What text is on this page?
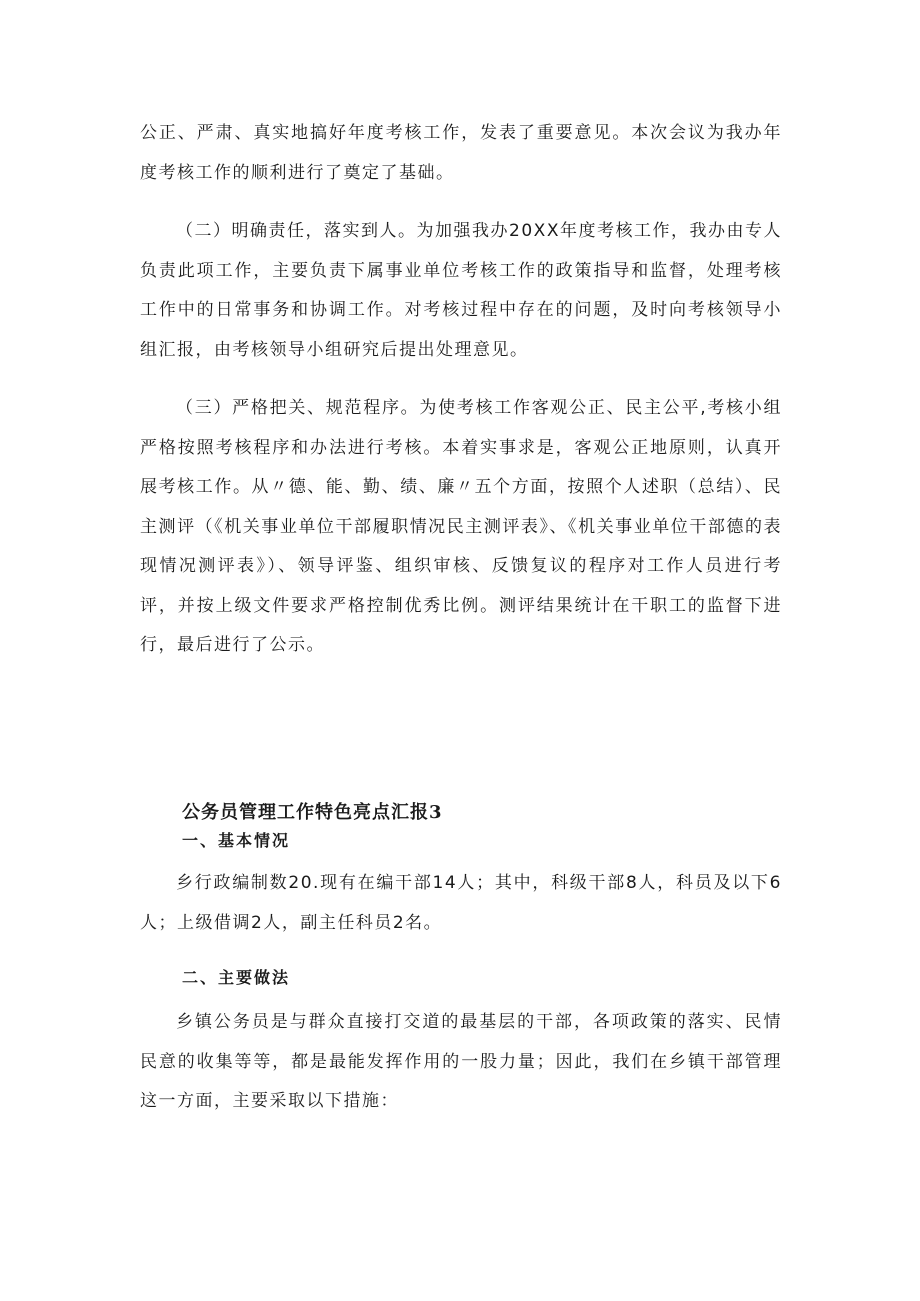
公正、严肃、真实地搞好年度考核工作，发表了重要意见。本次会议为我办年度考核工作的顺利进行了奠定了基础。

（二）明确责任，落实到人。为加强我办20XX年度考核工作，我办由专人负责此项工作，主要负责下属事业单位考核工作的政策指导和监督，处理考核工作中的日常事务和协调工作。对考核过程中存在的问题，及时向考核领导小组汇报，由考核领导小组研究后提出处理意见。

（三）严格把关、规范程序。为使考核工作客观公正、民主公平,考核小组严格按照考核程序和办法进行考核。本着实事求是，客观公正地原则，认真开展考核工作。从〃德、能、勤、绩、廉〃五个方面，按照个人述职（总结）、民主测评（《机关事业单位干部履职情况民主测评表》、《机关事业单位干部德的表现情况测评表》）、领导评鉴、组织审核、反馈复议的程序对工作人员进行考评，并按上级文件要求严格控制优秀比例。测评结果统计在干职工的监督下进行，最后进行了公示。

公务员管理工作特色亮点汇报3
一、基本情况

乡行政编制数20.现有在编干部14人；其中，科级干部8人，科员及以下6人；上级借调2人，副主任科员2名。

二、主要做法

乡镇公务员是与群众直接打交道的最基层的干部，各项政策的落实、民情民意的收集等等，都是最能发挥作用的一股力量；因此，我们在乡镇干部管理这一方面，主要采取以下措施：
